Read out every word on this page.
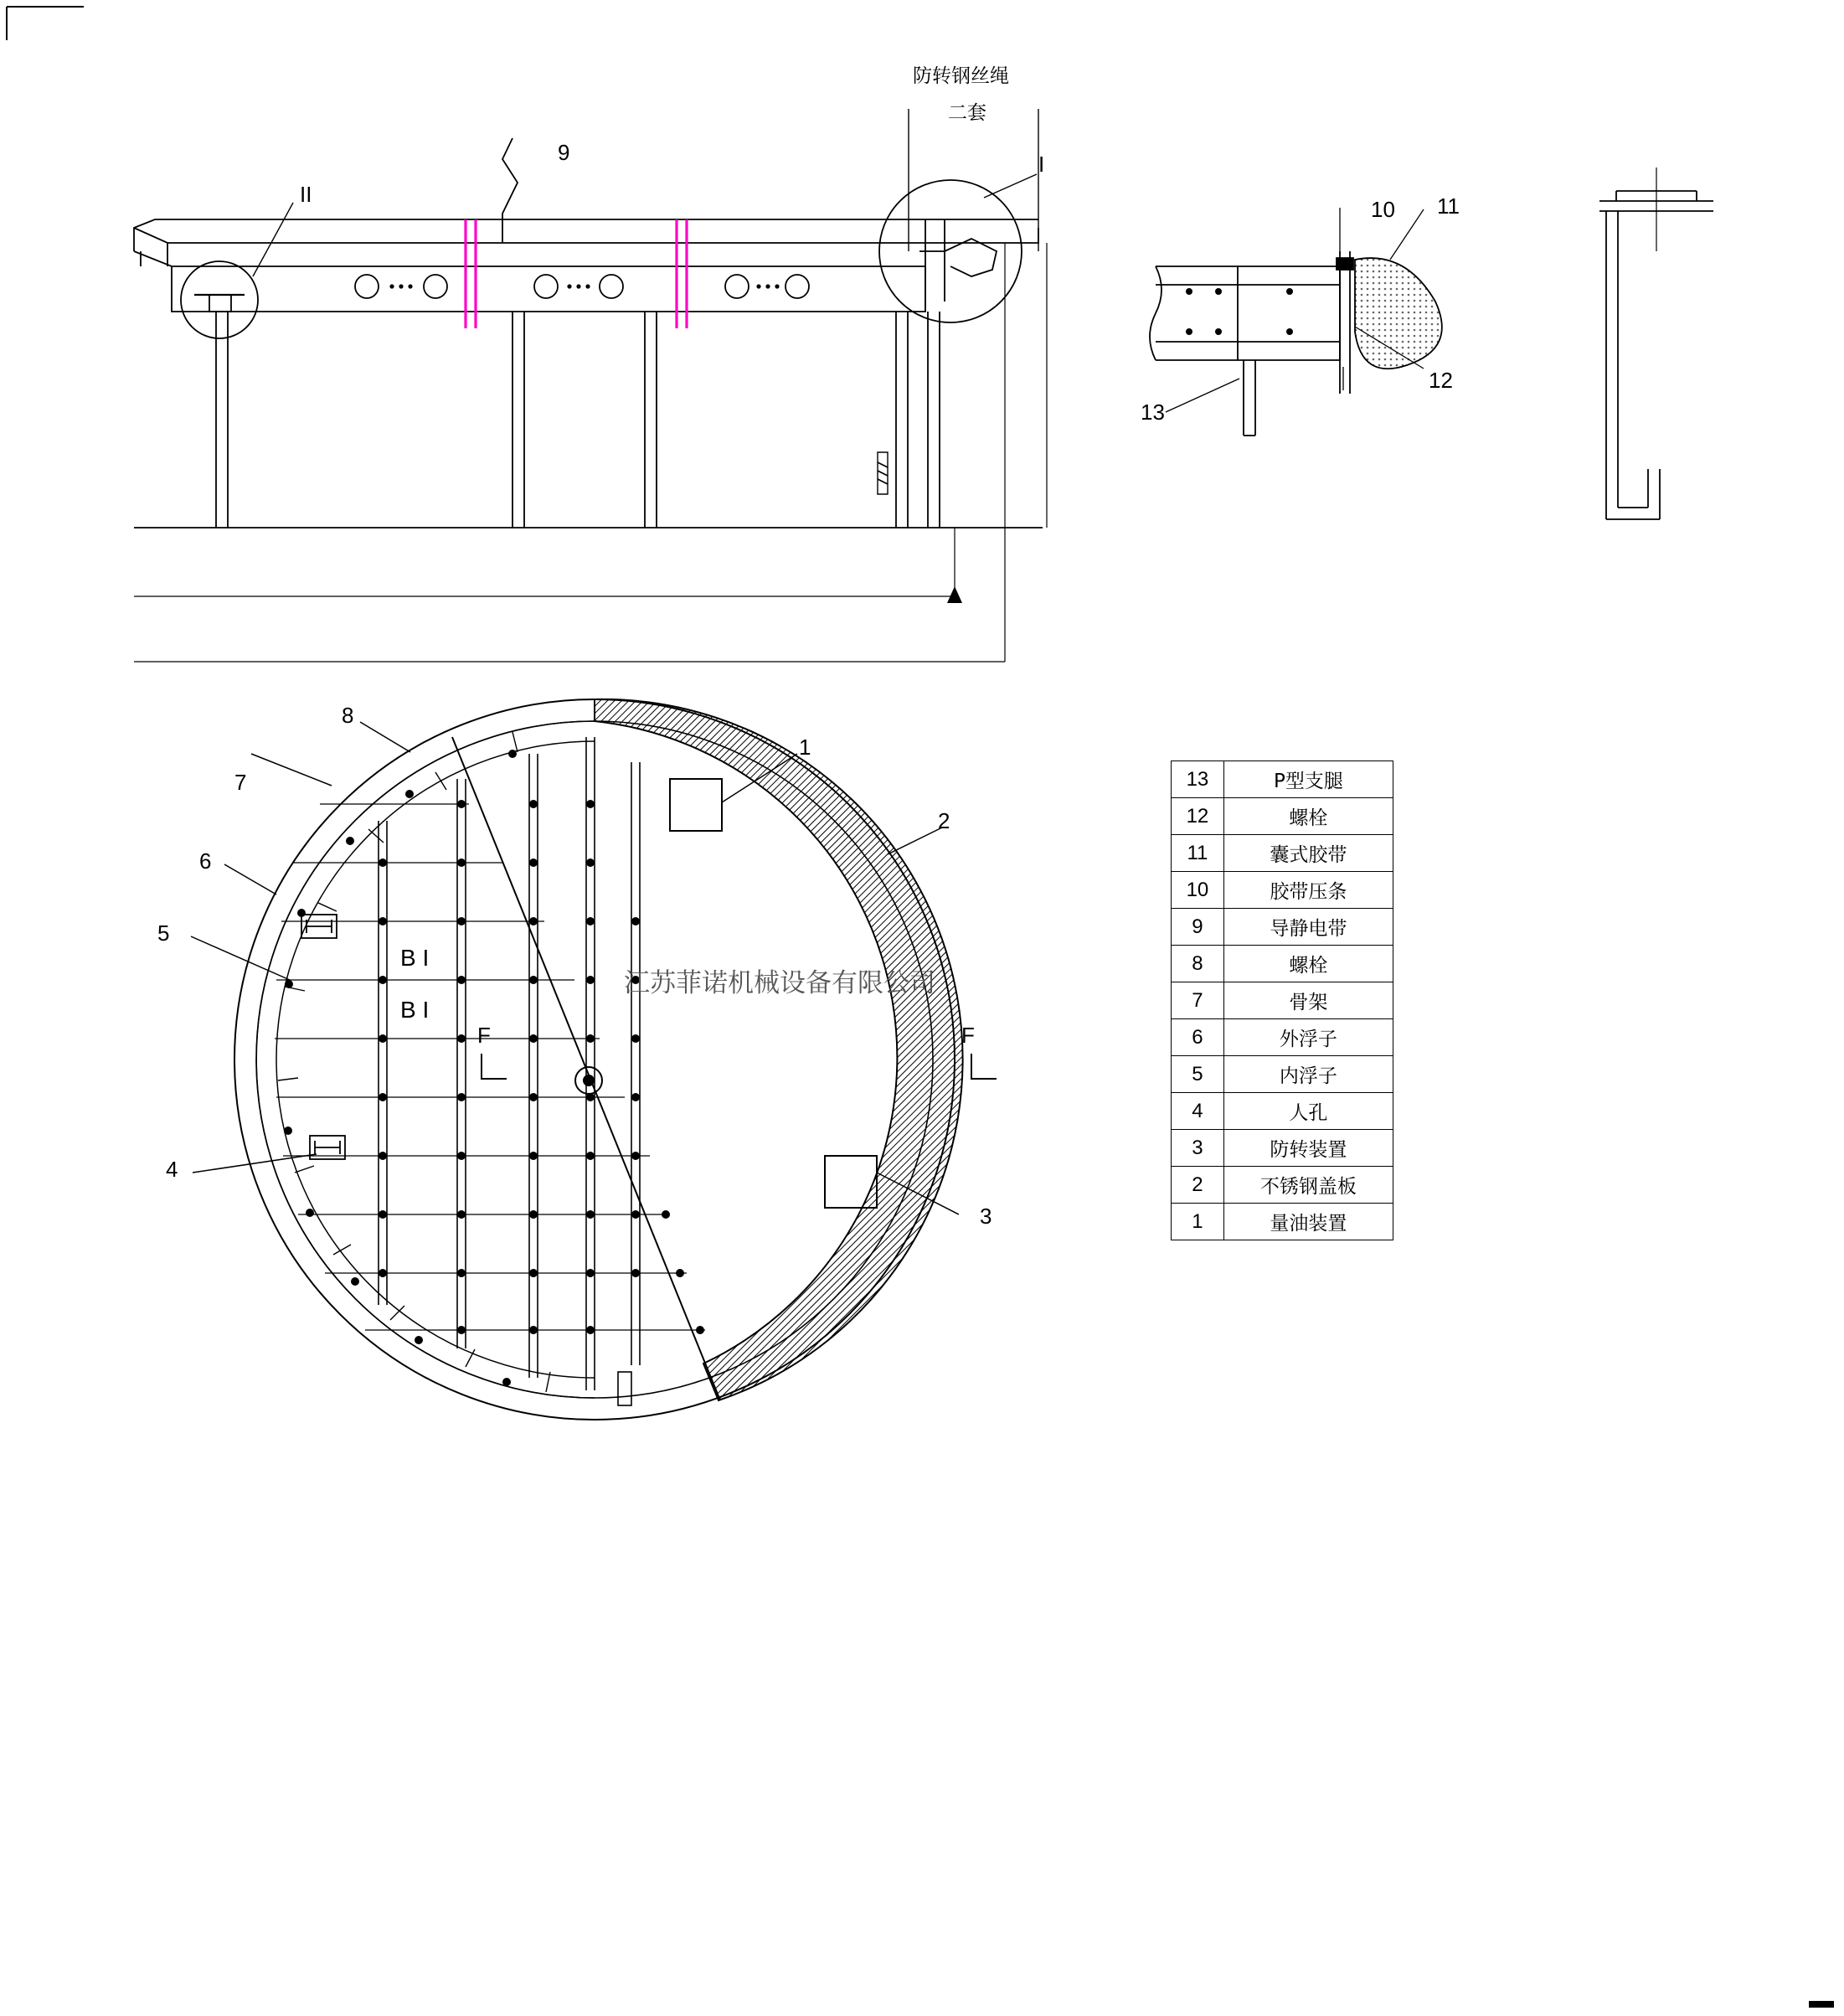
防转钢丝绳
二套
I
II
9
10 11
12
13
1
2
3
4
5
6
7
8
B I
B I
F	F
江苏菲诺机械设备有限公司
13	P型支腿
12	螺栓
11	囊式胶带
10	胶带压条
9	导静电带
8	螺栓
7	骨架
6	外浮子
5	内浮子
4	人孔
3	防转装置
2	不锈钢盖板
1	量油装置
